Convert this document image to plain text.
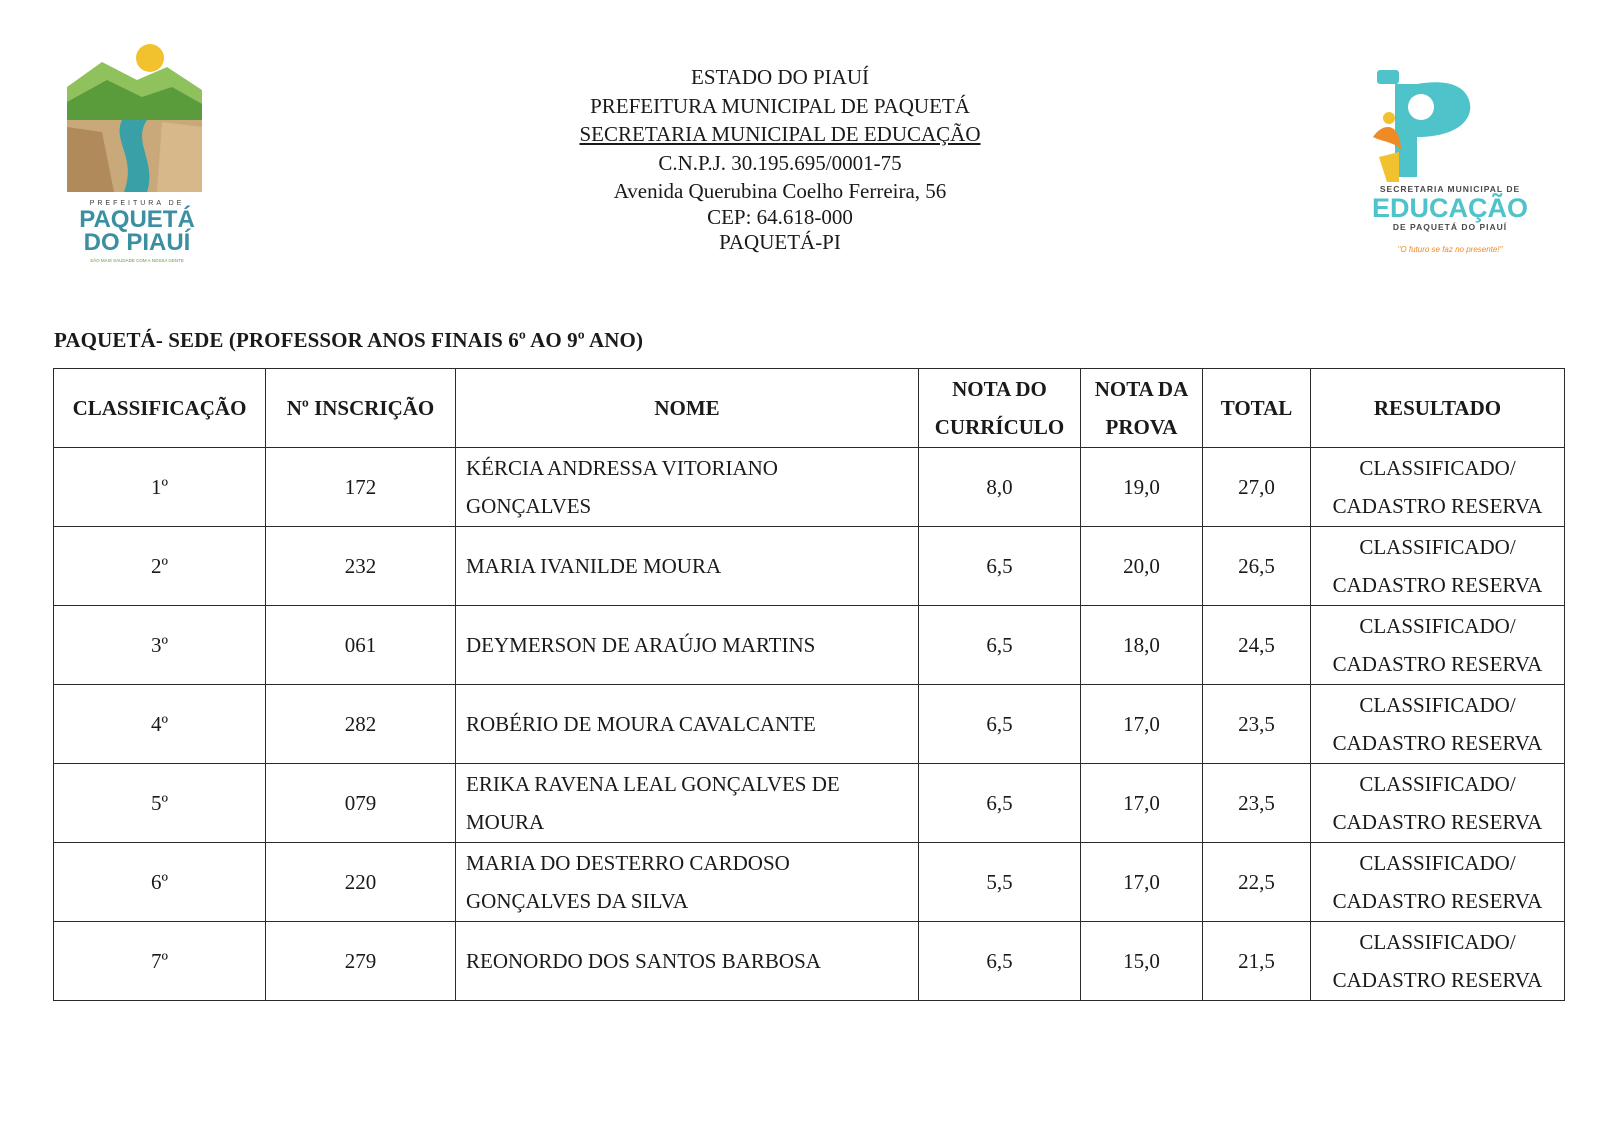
PREFEITURA DE
PAQUETÁ
DO PIAUÍ
SÃO MAIS SAUDADE COM A NOSSA GENTE
ESTADO DO PIAUÍ
PREFEITURA MUNICIPAL DE PAQUETÁ
SECRETARIA MUNICIPAL DE EDUCAÇÃO
C.N.P.J. 30.195.695/0001-75
Avenida Querubina Coelho Ferreira, 56
CEP: 64.618-000
PAQUETÁ-PI
SECRETARIA MUNICIPAL DE
EDUCAÇÃO
DE PAQUETÁ DO PIAUÍ
"O futuro se faz no presente!"
PAQUETÁ- SEDE (PROFESSOR ANOS FINAIS 6º AO 9º ANO)
CLASSIFICAÇÃO	Nº INSCRIÇÃO	NOME	NOTA DO
CURRÍCULO	NOTA DA
PROVA	TOTAL	RESULTADO
1º	172	KÉRCIA ANDRESSA VITORIANO
GONÇALVES	8,0	19,0	27,0	CLASSIFICADO/
CADASTRO RESERVA
2º	232	MARIA IVANILDE MOURA	6,5	20,0	26,5	CLASSIFICADO/
CADASTRO RESERVA
3º	061	DEYMERSON DE ARAÚJO MARTINS	6,5	18,0	24,5	CLASSIFICADO/
CADASTRO RESERVA
4º	282	ROBÉRIO DE MOURA CAVALCANTE	6,5	17,0	23,5	CLASSIFICADO/
CADASTRO RESERVA
5º	079	ERIKA RAVENA LEAL GONÇALVES DE
MOURA	6,5	17,0	23,5	CLASSIFICADO/
CADASTRO RESERVA
6º	220	MARIA DO DESTERRO CARDOSO
GONÇALVES DA SILVA	5,5	17,0	22,5	CLASSIFICADO/
CADASTRO RESERVA
7º	279	REONORDO DOS SANTOS BARBOSA	6,5	15,0	21,5	CLASSIFICADO/
CADASTRO RESERVA
